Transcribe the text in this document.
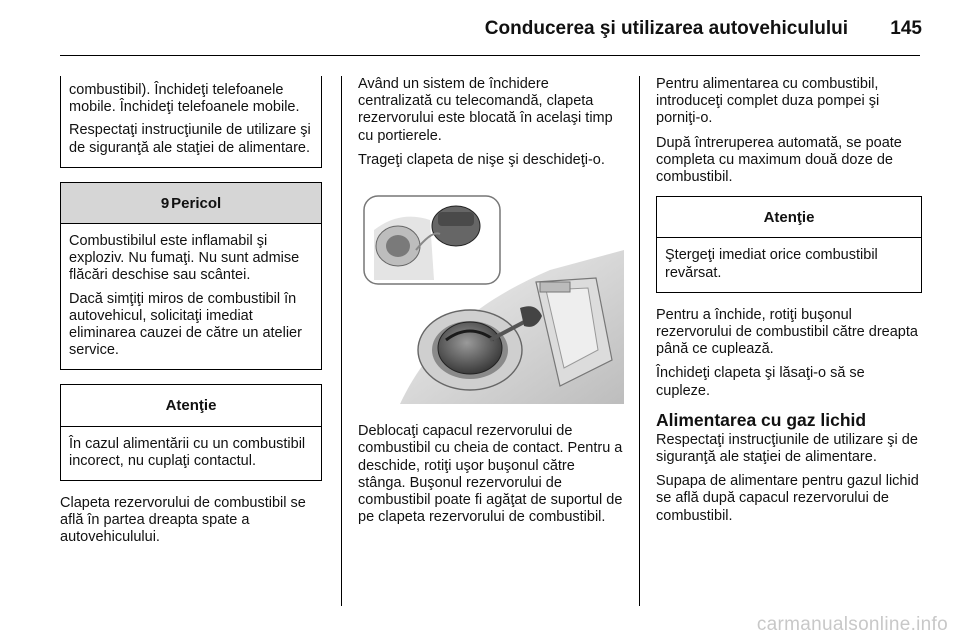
Conducerea şi utilizarea autovehiculului 145

combustibil). Închideţi telefoanele mobile. Închideţi telefoanele mobile.

Respectaţi instrucţiunile de utilizare şi de siguranţă ale staţiei de alimentare.

9 Pericol

Combustibilul este inflamabil şi exploziv. Nu fumaţi. Nu sunt admise flăcări deschise sau scântei.

Dacă simţiţi miros de combustibil în autovehicul, solicitaţi imediat eliminarea cauzei de către un atelier service.

Atenţie

În cazul alimentării cu un combustibil incorect, nu cuplaţi contactul.

Clapeta rezervorului de combustibil se află în partea dreapta spate a autovehiculului.

Având un sistem de închidere centralizată cu telecomandă, clapeta rezervorului este blocată în acelaşi timp cu portierele.

Trageţi clapeta de nişe şi deschideţi-o.

Deblocaţi capacul rezervorului de combustibil cu cheia de contact. Pentru a deschide, rotiţi uşor buşonul către stânga. Buşonul rezervorului de combustibil poate fi agăţat de suportul de pe clapeta rezervorului de combustibil.

Pentru alimentarea cu combustibil, introduceţi complet duza pompei şi porniţi-o.

După întreruperea automată, se poate completa cu maximum două doze de combustibil.

Atenţie

Ştergeţi imediat orice combustibil revărsat.

Pentru a închide, rotiţi buşonul rezervorului de combustibil către dreapta până ce cuplează.

Închideţi clapeta şi lăsaţi-o să se cupleze.

Alimentarea cu gaz lichid

Respectaţi instrucţiunile de utilizare şi de siguranţă ale staţiei de alimentare.

Supapa de alimentare pentru gazul lichid se află după capacul rezervorului de combustibil.

carmanualsonline.info
